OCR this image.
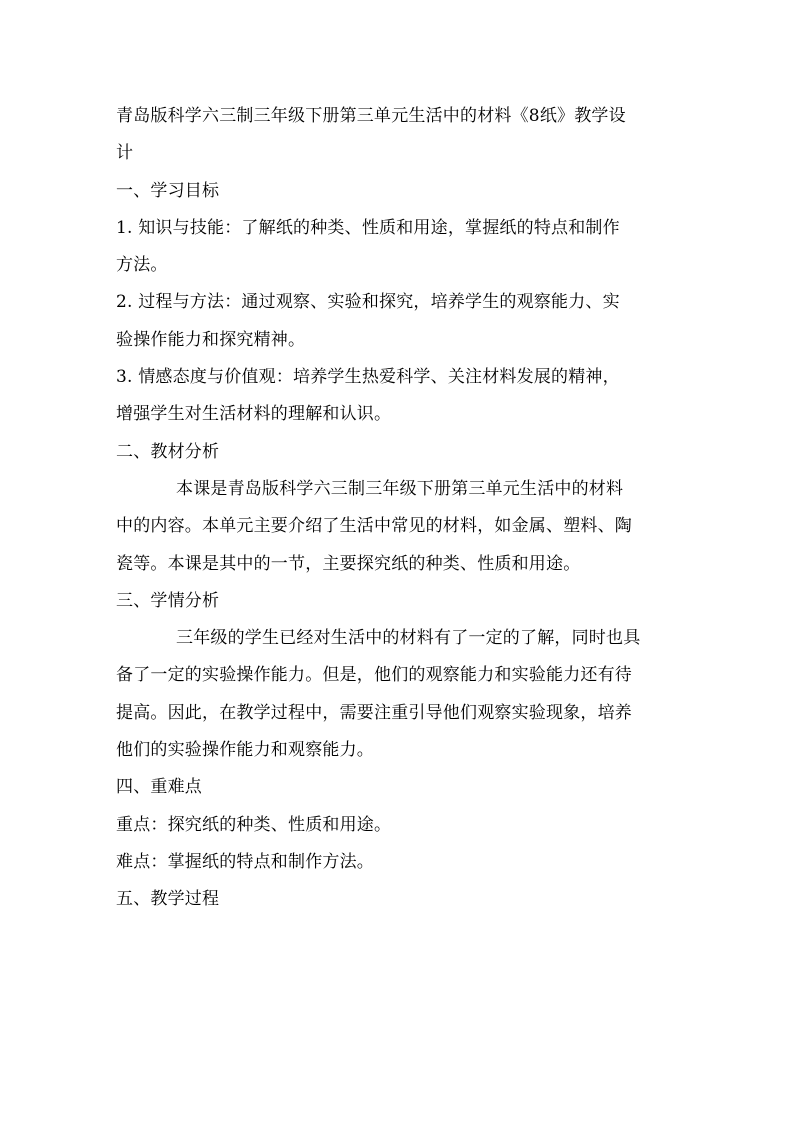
青岛版科学六三制三年级下册第三单元生活中的材料《8纸》教学设
计
一、学习目标
1. 知识与技能：了解纸的种类、性质和用途，掌握纸的特点和制作
方法。
2. 过程与方法：通过观察、实验和探究，培养学生的观察能力、实
验操作能力和探究精神。
3. 情感态度与价值观：培养学生热爱科学、关注材料发展的精神，
增强学生对生活材料的理解和认识。
二、教材分析
本课是青岛版科学六三制三年级下册第三单元生活中的材料
中的内容。本单元主要介绍了生活中常见的材料，如金属、塑料、陶
瓷等。本课是其中的一节，主要探究纸的种类、性质和用途。
三、学情分析
三年级的学生已经对生活中的材料有了一定的了解，同时也具
备了一定的实验操作能力。但是，他们的观察能力和实验能力还有待
提高。因此，在教学过程中，需要注重引导他们观察实验现象，培养
他们的实验操作能力和观察能力。
四、重难点
重点：探究纸的种类、性质和用途。
难点：掌握纸的特点和制作方法。
五、教学过程
